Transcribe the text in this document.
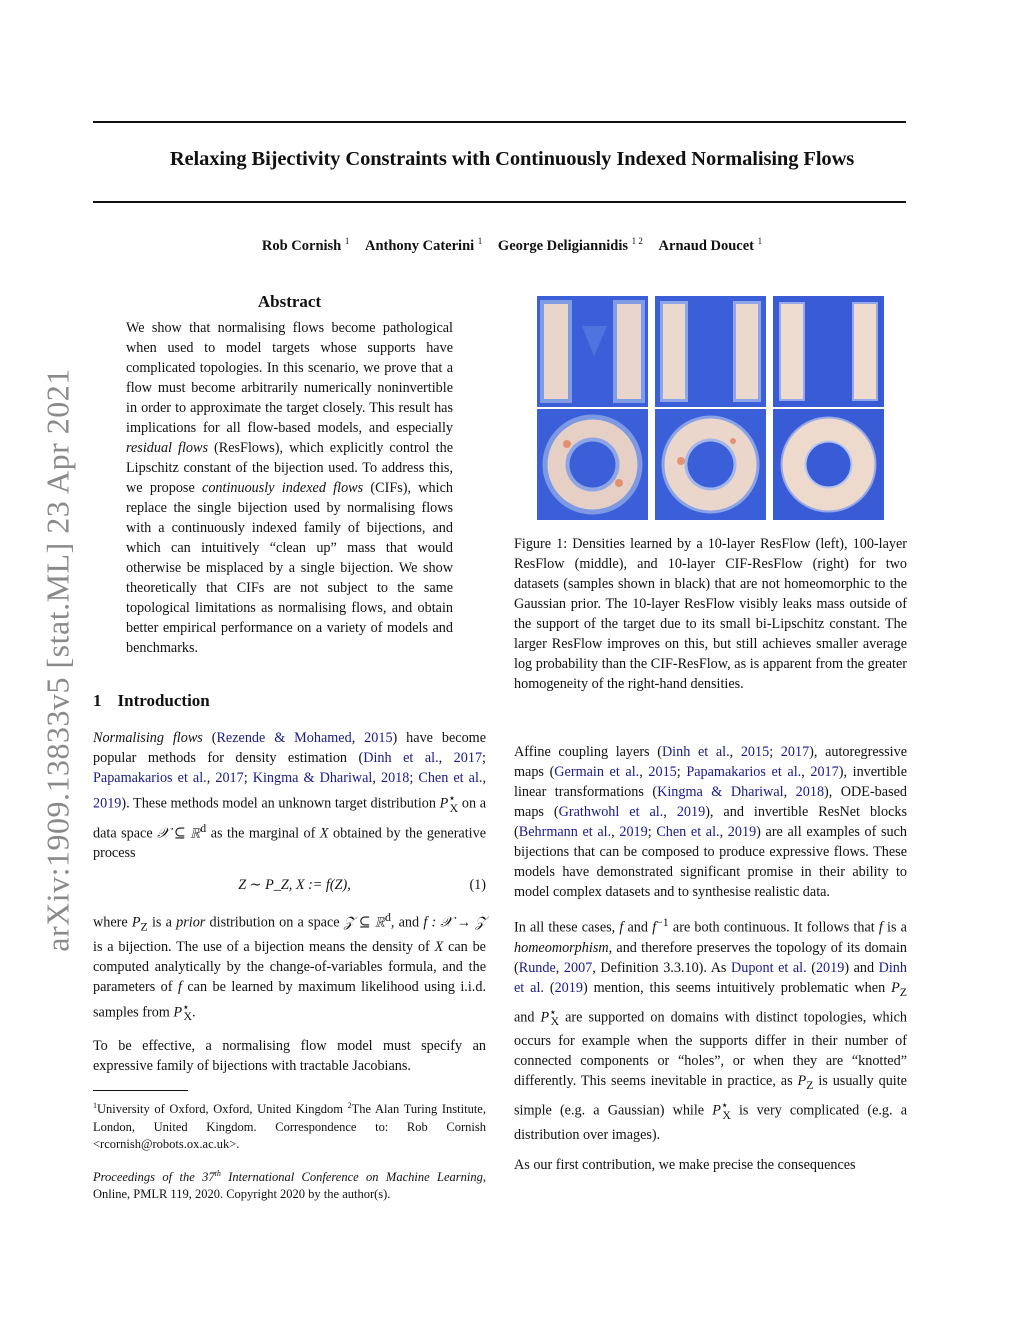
Relaxing Bijectivity Constraints with Continuously Indexed Normalising Flows
Rob Cornish $^1$ Anthony Caterini $^1$ George Deligiannidis $^{1 2}$ Arnaud Doucet $^1$
arXiv:1909.13833v5 [stat.ML] 23 Apr 2021
Abstract
We show that normalising flows become pathological when used to model targets whose supports have complicated topologies. In this scenario, we prove that a flow must become arbitrarily numerically noninvertible in order to approximate the target closely. This result has implications for all flow-based models, and especially residual flows (ResFlows), which explicitly control the Lipschitz constant of the bijection used. To address this, we propose continuously indexed flows (CIFs), which replace the single bijection used by normalising flows with a continuously indexed family of bijections, and which can intuitively “clean up” mass that would otherwise be misplaced by a single bijection. We show theoretically that CIFs are not subject to the same topological limitations as normalising flows, and obtain better empirical performance on a variety of models and benchmarks.
1 Introduction

Normalising flows (Rezende & Mohamed, 2015) have become popular methods for density estimation (Dinh et al., 2017; Papamakarios et al., 2017; Kingma & Dhariwal, 2018; Chen et al., 2019). These methods model an unknown target distribution $P^⋆_X$ on a data space 𝒳 ⊆ ℝ$^d$ as the marginal of X obtained by the generative process

Z ∼ P_Z, X := f(Z),	(1)

where $P_Z$ is a prior distribution on a space 𝒵 ⊆ ℝ$^d$, and f : 𝒳 → 𝒵 is a bijection. The use of a bijection means the density of X can be computed analytically by the change-of-variables formula, and the parameters of f can be learned by maximum likelihood using i.i.d. samples from $P^⋆_X$.

To be effective, a normalising flow model must specify an expressive family of bijections with tractable Jacobians.

$^1$University of Oxford, Oxford, United Kingdom $^2$The Alan Turing Institute, London, United Kingdom. Correspondence to: Rob Cornish <rcornish@robots.ox.ac.uk>.
Proceedings of the 37th International Conference on Machine Learning, Online, PMLR 119, 2020. Copyright 2020 by the author(s).
Figure 1: Densities learned by a 10-layer ResFlow (left), 100-layer ResFlow (middle), and 10-layer CIF-ResFlow (right) for two datasets (samples shown in black) that are not homeomorphic to the Gaussian prior. The 10-layer ResFlow visibly leaks mass outside of the support of the target due to its small bi-Lipschitz constant. The larger ResFlow improves on this, but still achieves smaller average log probability than the CIF-ResFlow, as is apparent from the greater homogeneity of the right-hand densities.

Affine coupling layers (Dinh et al., 2015; 2017), autoregressive maps (Germain et al., 2015; Papamakarios et al., 2017), invertible linear transformations (Kingma & Dhariwal, 2018), ODE-based maps (Grathwohl et al., 2019), and invertible ResNet blocks (Behrmann et al., 2019; Chen et al., 2019) are all examples of such bijections that can be composed to produce expressive flows. These models have demonstrated significant promise in their ability to model complex datasets and to synthesise realistic data.

In all these cases, f and $f^{-1}$ are both continuous. It follows that f is a homeomorphism, and therefore preserves the topology of its domain (Runde, 2007, Definition 3.3.10). As Dupont et al. (2019) and Dinh et al. (2019) mention, this seems intuitively problematic when $P_Z$ and $P^⋆_X$ are supported on domains with distinct topologies, which occurs for example when the supports differ in their number of connected components or “holes”, or when they are “knotted” differently. This seems inevitable in practice, as $P_Z$ is usually quite simple (e.g. a Gaussian) while $P^⋆_X$ is very complicated (e.g. a distribution over images).

As our first contribution, we make precise the consequences
